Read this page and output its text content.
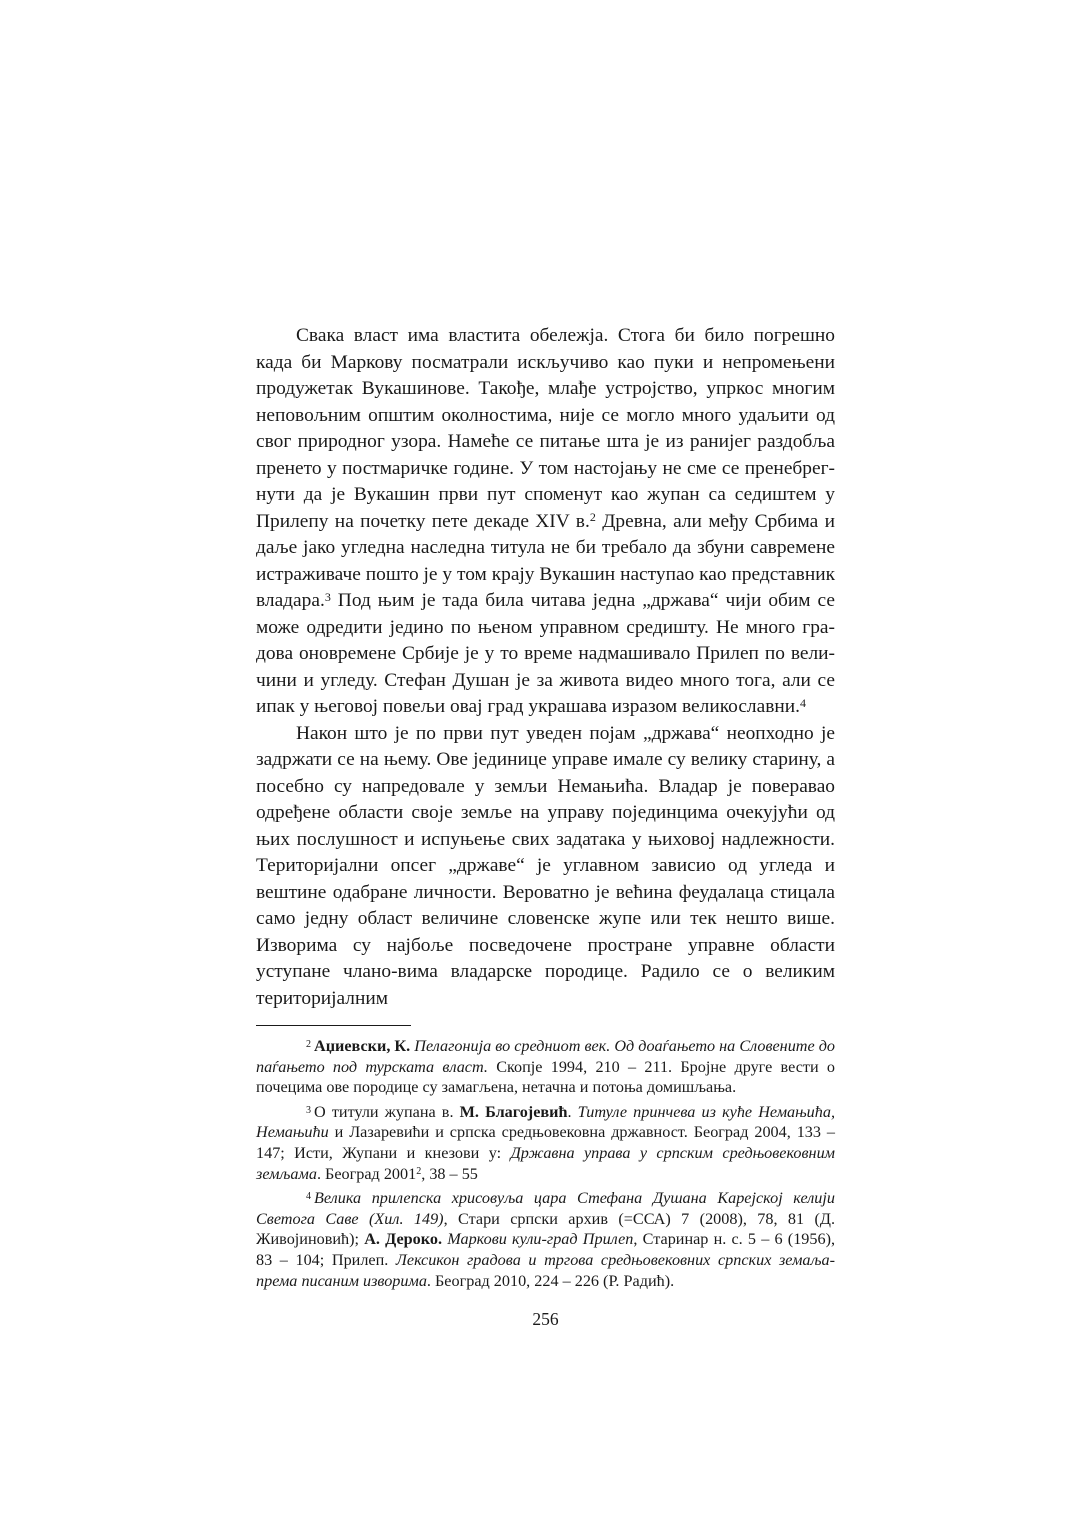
Свака власт има властита обележја. Стога би било погрешно када би Маркову посматрали искључиво као пуки и непромењени продужетак Вукашинове. Такође, млађе устројство, упркос многим неповољним општим околностима, није се могло много удаљити од свог природног узора. Намеће се питање шта је из ранијег раздобља пренето у постмаричке године. У том настојању не сме се пренебрег-нути да је Вукашин први пут споменут као жупан са седиштем у Прилепу на почетку пете декаде XIV в.$^2$ Древна, али међу Србима и даље јако угледна наследна титула не би требало да збуни савремене истраживаче пошто је у том крају Вукашин наступао као представник владара.$^3$ Под њим је тада била читава једна „држава“ чији обим се може одредити једино по њеном управном средишту. Не много гра-дова оновремене Србије је у то време надмашивало Прилеп по вели-чини и угледу. Стефан Душан је за живота видео много тога, али се ипак у његовој повељи овај град украшава изразом великославни.$^4$

Након што је по први пут уведен појам „држава“ неопходно је задржати се на њему. Ове јединице управе имале су велику старину, а посебно су напредовале у земљи Немањића. Владар је поверавао одређене области своје земље на управу појединцима очекујући од њих послушност и испуњење свих задатака у њиховој надлежности. Територијални опсег „државе“ је углавном зависио од угледа и вештине одабране личности. Вероватно је већина феудалаца стицала само једну област величине словенске жупе или тек нешто више. Изворима су најбоље посведочене простране управне области уступане члано-вима владарске породице. Радило се о великим територијалним

$^2$ Аџиевски, К. Пелагонија во средниот век. Од доаѓањето на Словените до паѓањето под турската власт. Скопје 1994, 210 – 211. Бројне друге вести о почецима ове породице су замагљена, нетачна и потоња домишљања.

$^3$ О титули жупана в. М. Благојевић. Титуле принчева из куће Немањића, Немањићи и Лазаревићи и српска средњовековна државност. Београд 2004, 133 – 147; Исти, Жупани и кнезови у: Државна управа у српским средњовековним земљама. Београд 2001$^2$, 38 – 55

$^4$ Велика прилепска хрисовуља цара Стефана Душана Карејској келији Светога Саве (Хил. 149), Стари српски архив (=ССА) 7 (2008), 78, 81 (Д. Живојиновић); А. Дероко. Маркови кули-град Прилеп, Старинар н. с. 5 – 6 (1956), 83 – 104; Прилеп. Лексикон градова и тргова средњовековних српских земаља- према писаним изворима. Београд 2010, 224 – 226 (Р. Радић).

256
